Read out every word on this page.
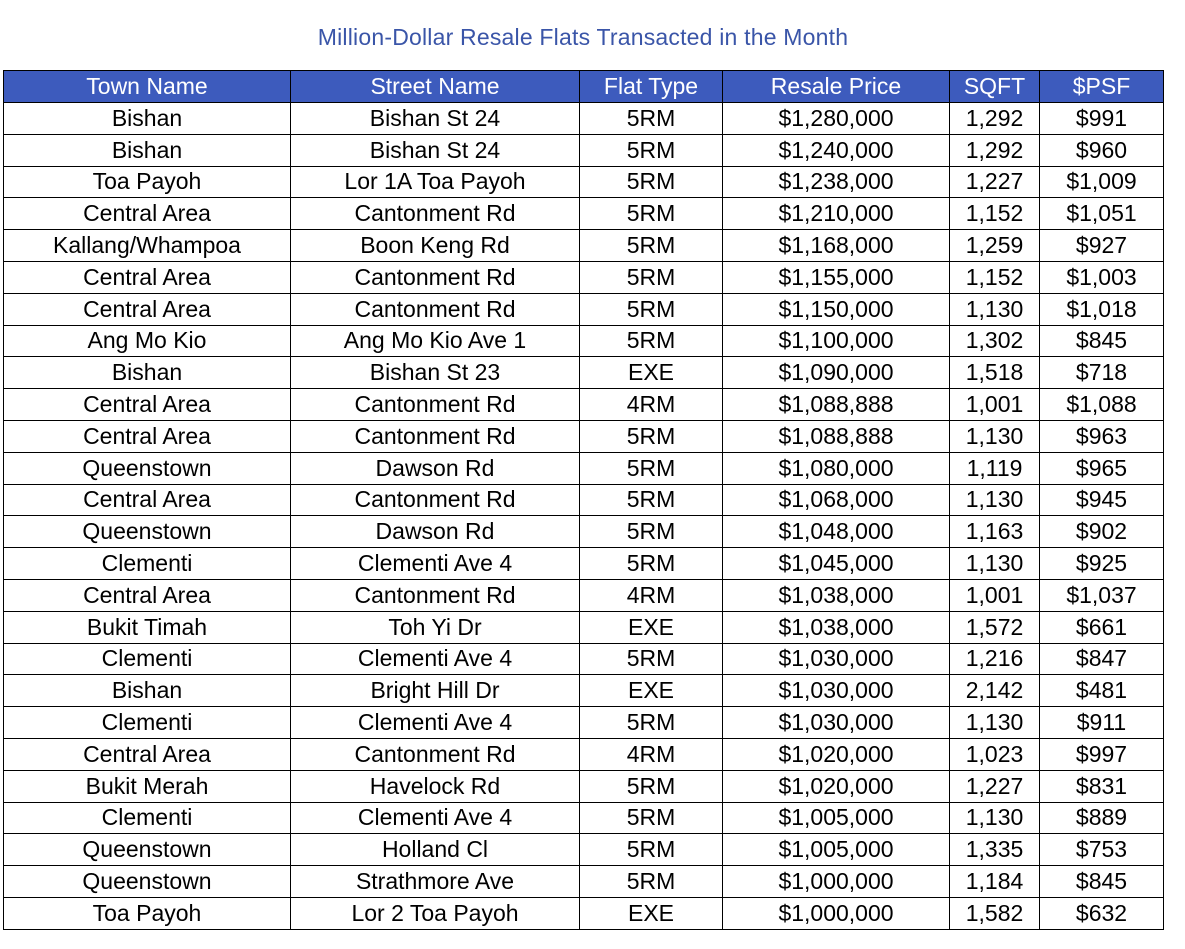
Million-Dollar Resale Flats Transacted in the Month
Town Name	Street Name	Flat Type	Resale Price	SQFT	$PSF
Bishan	Bishan St 24	5RM	$1,280,000	1,292	$991
Bishan	Bishan St 24	5RM	$1,240,000	1,292	$960
Toa Payoh	Lor 1A Toa Payoh	5RM	$1,238,000	1,227	$1,009
Central Area	Cantonment Rd	5RM	$1,210,000	1,152	$1,051
Kallang/Whampoa	Boon Keng Rd	5RM	$1,168,000	1,259	$927
Central Area	Cantonment Rd	5RM	$1,155,000	1,152	$1,003
Central Area	Cantonment Rd	5RM	$1,150,000	1,130	$1,018
Ang Mo Kio	Ang Mo Kio Ave 1	5RM	$1,100,000	1,302	$845
Bishan	Bishan St 23	EXE	$1,090,000	1,518	$718
Central Area	Cantonment Rd	4RM	$1,088,888	1,001	$1,088
Central Area	Cantonment Rd	5RM	$1,088,888	1,130	$963
Queenstown	Dawson Rd	5RM	$1,080,000	1,119	$965
Central Area	Cantonment Rd	5RM	$1,068,000	1,130	$945
Queenstown	Dawson Rd	5RM	$1,048,000	1,163	$902
Clementi	Clementi Ave 4	5RM	$1,045,000	1,130	$925
Central Area	Cantonment Rd	4RM	$1,038,000	1,001	$1,037
Bukit Timah	Toh Yi Dr	EXE	$1,038,000	1,572	$661
Clementi	Clementi Ave 4	5RM	$1,030,000	1,216	$847
Bishan	Bright Hill Dr	EXE	$1,030,000	2,142	$481
Clementi	Clementi Ave 4	5RM	$1,030,000	1,130	$911
Central Area	Cantonment Rd	4RM	$1,020,000	1,023	$997
Bukit Merah	Havelock Rd	5RM	$1,020,000	1,227	$831
Clementi	Clementi Ave 4	5RM	$1,005,000	1,130	$889
Queenstown	Holland Cl	5RM	$1,005,000	1,335	$753
Queenstown	Strathmore Ave	5RM	$1,000,000	1,184	$845
Toa Payoh	Lor 2 Toa Payoh	EXE	$1,000,000	1,582	$632
